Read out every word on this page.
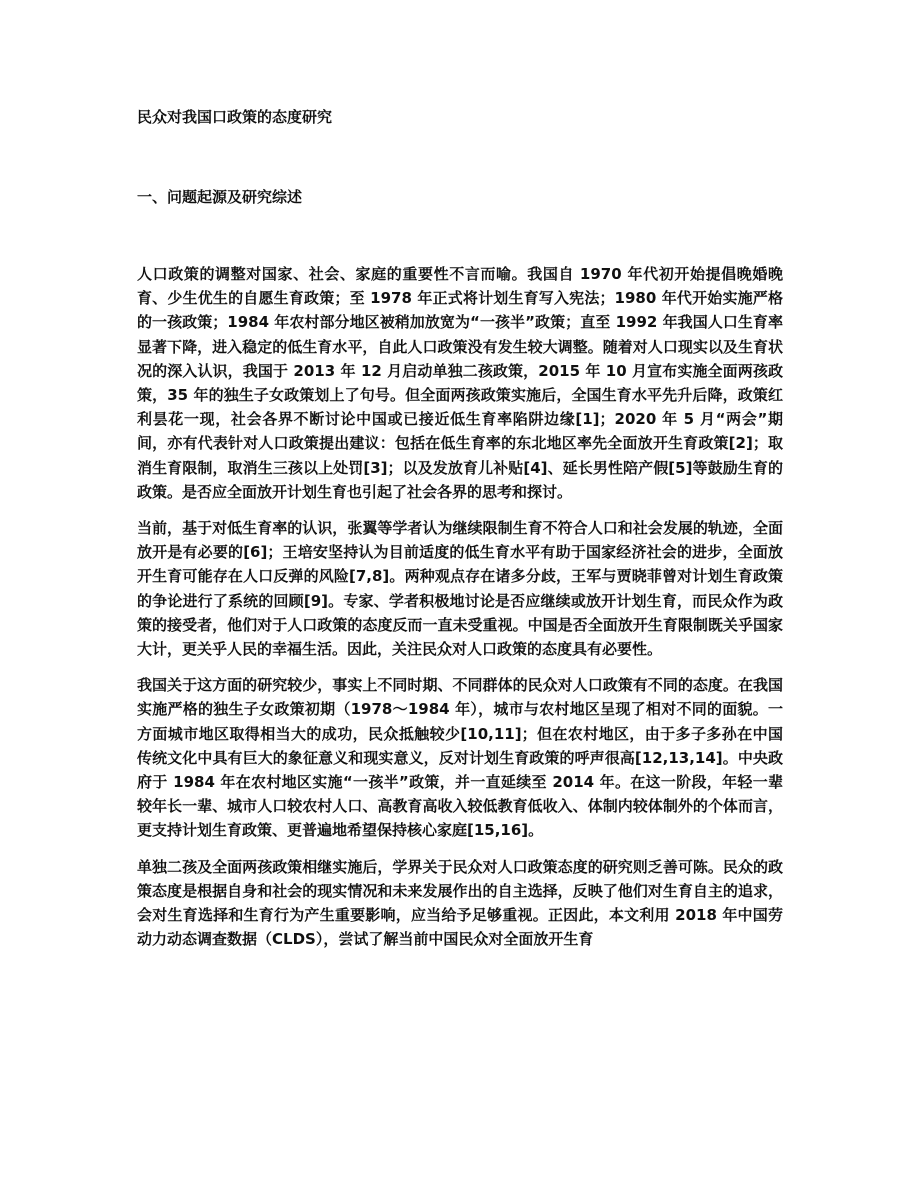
民众对我国口政策的态度研究
一、问题起源及研究综述

人口政策的调整对国家、社会、家庭的重要性不言而喻。我国自 1970 年代初开始提倡晚婚晚育、少生优生的自愿生育政策；至 1978 年正式将计划生育写入宪法；1980 年代开始实施严格的一孩政策；1984 年农村部分地区被稍加放宽为“一孩半”政策；直至 1992 年我国人口生育率显著下降，进入稳定的低生育水平，自此人口政策没有发生较大调整。随着对人口现实以及生育状况的深入认识，我国于 2013 年 12 月启动单独二孩政策，2015 年 10 月宣布实施全面两孩政策，35 年的独生子女政策划上了句号。但全面两孩政策实施后，全国生育水平先升后降，政策红利昙花一现，社会各界不断讨论中国或已接近低生育率陷阱边缘[1]；2020 年 5 月“两会”期间，亦有代表针对人口政策提出建议：包括在低生育率的东北地区率先全面放开生育政策[2]；取消生育限制，取消生三孩以上处罚[3]；以及发放育儿补贴[4]、延长男性陪产假[5]等鼓励生育的政策。是否应全面放开计划生育也引起了社会各界的思考和探讨。

当前，基于对低生育率的认识，张翼等学者认为继续限制生育不符合人口和社会发展的轨迹，全面放开是有必要的[6]；王培安坚持认为目前适度的低生育水平有助于国家经济社会的进步，全面放开生育可能存在人口反弹的风险[7,8]。两种观点存在诸多分歧，王军与贾晓菲曾对计划生育政策的争论进行了系统的回顾[9]。专家、学者积极地讨论是否应继续或放开计划生育，而民众作为政策的接受者，他们对于人口政策的态度反而一直未受重视。中国是否全面放开生育限制既关乎国家大计，更关乎人民的幸福生活。因此，关注民众对人口政策的态度具有必要性。

我国关于这方面的研究较少，事实上不同时期、不同群体的民众对人口政策有不同的态度。在我国实施严格的独生子女政策初期（1978～1984 年），城市与农村地区呈现了相对不同的面貌。一方面城市地区取得相当大的成功，民众抵触较少[10,11]；但在农村地区，由于多子多孙在中国传统文化中具有巨大的象征意义和现实意义，反对计划生育政策的呼声很高[12,13,14]。中央政府于 1984 年在农村地区实施“一孩半”政策，并一直延续至 2014 年。在这一阶段，年轻一辈较年长一辈、城市人口较农村人口、高教育高收入较低教育低收入、体制内较体制外的个体而言，更支持计划生育政策、更普遍地希望保持核心家庭[15,16]。

单独二孩及全面两孩政策相继实施后，学界关于民众对人口政策态度的研究则乏善可陈。民众的政策态度是根据自身和社会的现实情况和未来发展作出的自主选择，反映了他们对生育自主的追求，会对生育选择和生育行为产生重要影响，应当给予足够重视。正因此，本文利用 2018 年中国劳动力动态调查数据（CLDS），尝试了解当前中国民众对全面放开生育
